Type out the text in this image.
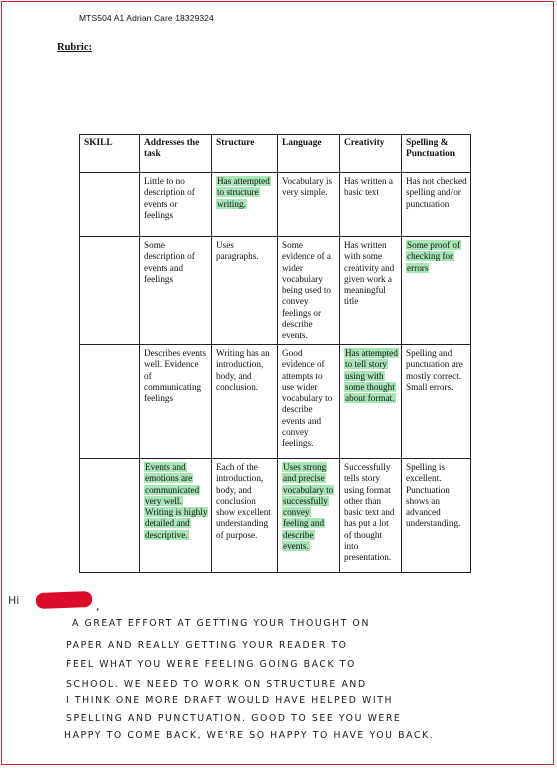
MTS504 A1 Adrian Care 18329324
Rubric:
SKILL	Addresses the task	Structure	Language	Creativity	Spelling & Punctuation
	Little to no description of events or feelings	Has attempted to structure writing.	Vocabulary is very simple.	Has written a basic text	Has not checked spelling and/or punctuation
	Some description of events and feelings	Uses paragraphs.	Some evidence of a wider vocabulary being used to convey feelings or describe events.	Has written with some creativity and given work a meaningful title	Some proof of checking for errors
	Describes events well. Evidence of communicating feelings	Writing has an introduction, body, and conclusion.	Good evidence of attempts to use wider vocabulary to describe events and convey feelings.	Has attempted to tell story using with some thought about format.	Spelling and punctuation are mostly correct. Small errors.
	Events and emotions are communicated very well. Writing is highly detailed and descriptive.	Each of the introduction, body, and conclusion show excellent understanding of purpose.	Uses strong and precise vocabulary to successfully convey feeling and describe events.	Successfully tells story using format other than basic text and has put a lot of thought into presentation.	Spelling is excellent. Punctuation shows an advanced understanding.
Hi	,
A GREAT EFFORT AT GETTING YOUR THOUGHT ON
PAPER AND REALLY GETTING YOUR READER TO
FEEL WHAT YOU WERE FEELING GOING BACK TO
SCHOOL. WE NEED TO WORK ON STRUCTURE AND
I THINK ONE MORE DRAFT WOULD HAVE HELPED WITH
SPELLING AND PUNCTUATION. GOOD TO SEE YOU WERE
HAPPY TO COME BACK, WE'RE SO HAPPY TO HAVE YOU BACK.
